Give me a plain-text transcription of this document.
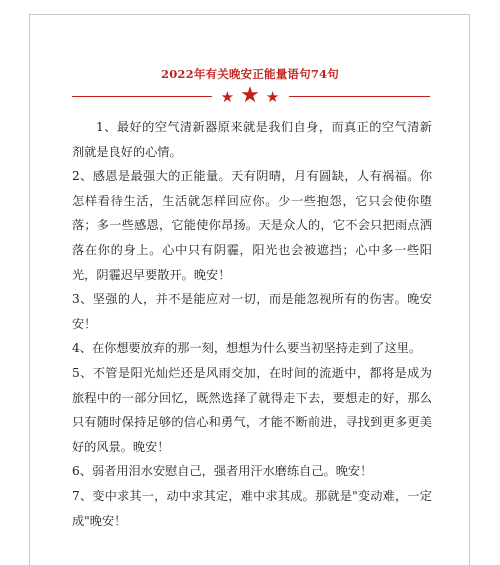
2022年有关晚安正能量语句74句
★ ★ ★

1、最好的空气清新器原来就是我们自身，而真正的空气清新剂就是良好的心情。

2、感恩是最强大的正能量。天有阴晴，月有圆缺，人有祸福。你怎样看待生活，生活就怎样回应你。少一些抱怨，它只会使你堕落；多一些感恩，它能使你昂扬。天是众人的，它不会只把雨点洒落在你的身上。心中只有阴霾，阳光也会被遮挡；心中多一些阳光，阴霾迟早要散开。晚安！

3、坚强的人，并不是能应对一切，而是能忽视所有的伤害。晚安安！

4、在你想要放弃的那一刻，想想为什么要当初坚持走到了这里。

5、不管是阳光灿烂还是风雨交加，在时间的流逝中，都将是成为旅程中的一部分回忆，既然选择了就得走下去，要想走的好，那么只有随时保持足够的信心和勇气，才能不断前进，寻找到更多更美好的风景。晚安！

6、弱者用泪水安慰自己，强者用汗水磨练自己。晚安！

7、变中求其一，动中求其定，难中求其成。那就是"变动难，一定成"晚安！
